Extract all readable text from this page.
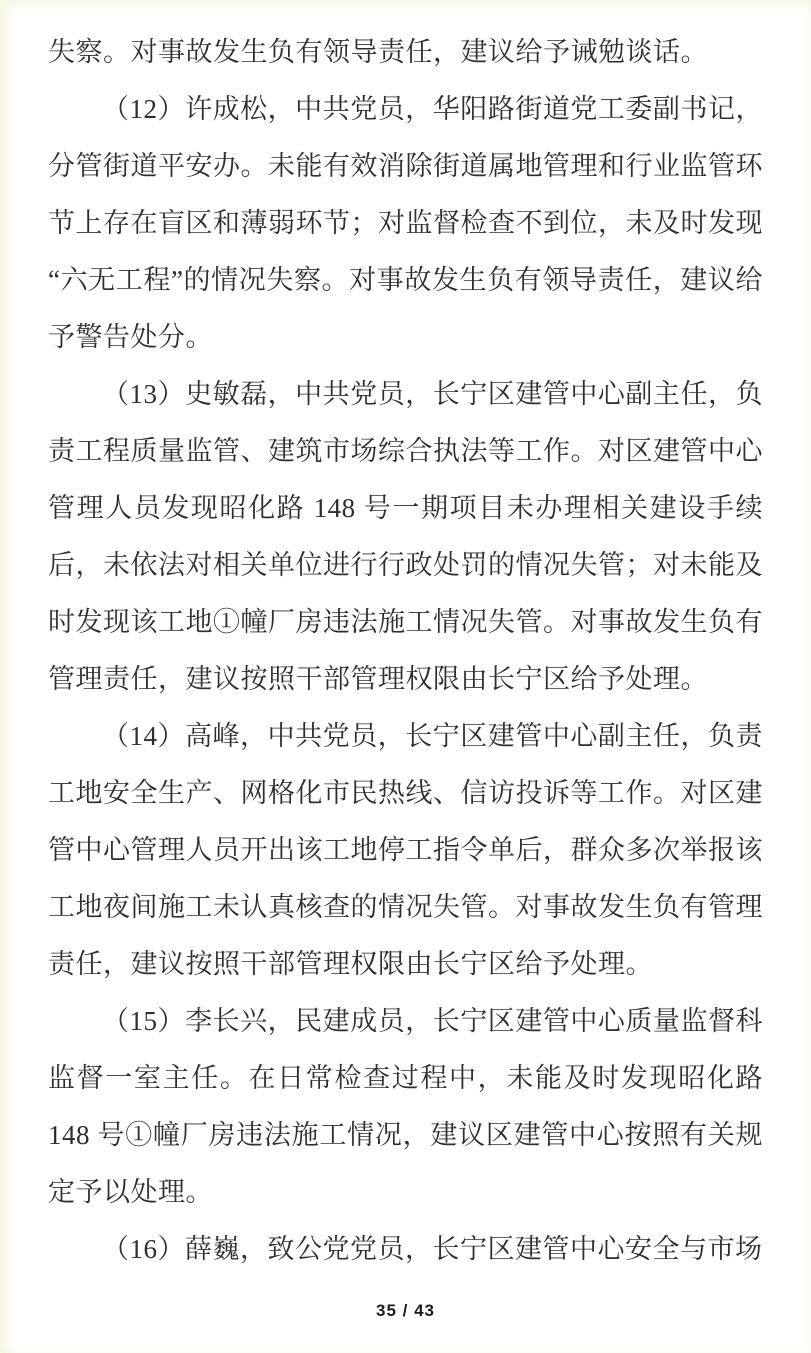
失察。对事故发生负有领导责任，建议给予诫勉谈话。

（12）许成松，中共党员，华阳路街道党工委副书记，分管街道平安办。未能有效消除街道属地管理和行业监管环节上存在盲区和薄弱环节；对监督检查不到位，未及时发现“六无工程”的情况失察。对事故发生负有领导责任，建议给予警告处分。

（13）史敏磊，中共党员，长宁区建管中心副主任，负责工程质量监管、建筑市场综合执法等工作。对区建管中心管理人员发现昭化路 148 号一期项目未办理相关建设手续后，未依法对相关单位进行行政处罚的情况失管；对未能及时发现该工地①幢厂房违法施工情况失管。对事故发生负有管理责任，建议按照干部管理权限由长宁区给予处理。

（14）高峰，中共党员，长宁区建管中心副主任，负责工地安全生产、网格化市民热线、信访投诉等工作。对区建管中心管理人员开出该工地停工指令单后，群众多次举报该工地夜间施工未认真核查的情况失管。对事故发生负有管理责任，建议按照干部管理权限由长宁区给予处理。

（15）李长兴，民建成员，长宁区建管中心质量监督科监督一室主任。在日常检查过程中，未能及时发现昭化路 148 号①幢厂房违法施工情况，建议区建管中心按照有关规定予以处理。

（16）薛巍，致公党党员，长宁区建管中心安全与市场

35 / 43
